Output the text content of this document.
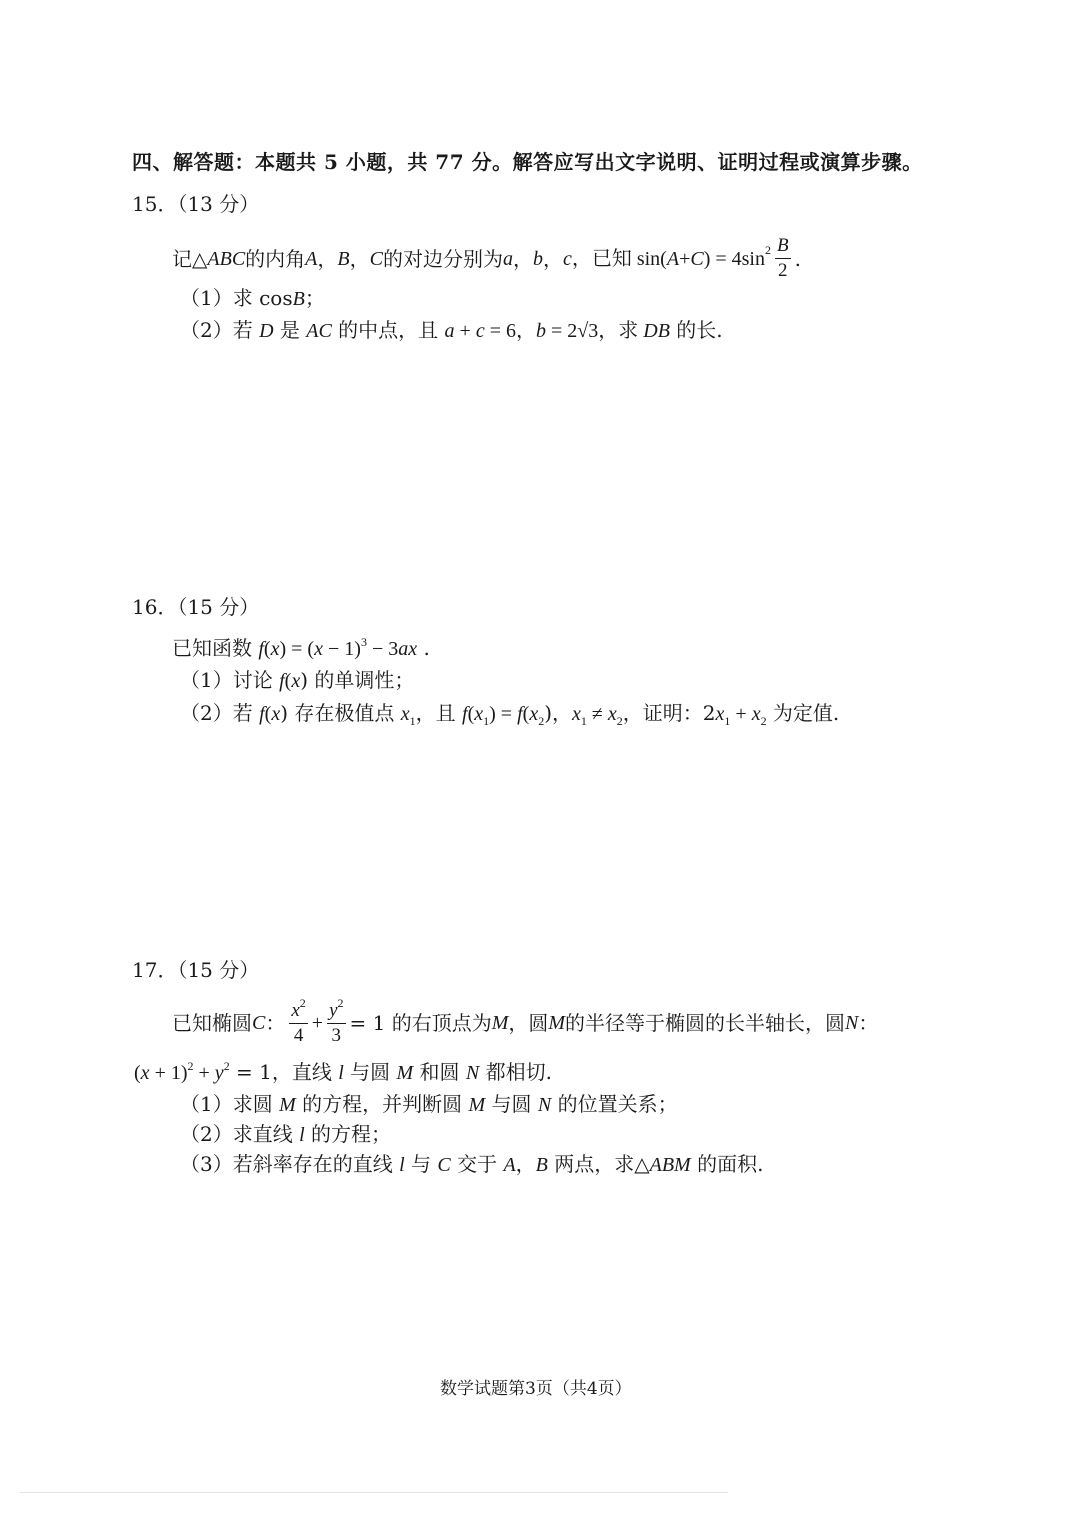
四、解答题：本题共 5 小题，共 77 分。解答应写出文字说明、证明过程或演算步骤。
15．（13 分）
记△ ABC 的内角 A ， B ， C 的对边分别为 a ， b ， c ，已知 sin( A + C ) = $4\sin^2 \frac{B}{2}$ .
（1）求 cosB；
（2）若 D 是 AC 的中点，且 a + c = 6，b = 2√3，求 DB 的长.
16．（15 分）
已知函数 $f(x) = (x - 1)^3 - 3ax$ .
（1）讨论 f(x) 的单调性；
（2）若 f(x) 存在极值点 $x_1$，且 $f(x_1) = f(x_2)$，$x_1 \ne x_2$，证明：$2x_1 + x_2$ 为定值.
17．（15 分）
已知椭圆 C ： $\frac{x^2}{4} + \frac{y^2}{3} = 1$ 的右顶点为 M ，圆 M 的半径等于椭圆的长半轴长，圆 N ：
$(x + 1)^2 + y^2 = 1$，直线 l 与圆 M 和圆 N 都相切.
（1）求圆 M 的方程，并判断圆 M 与圆 N 的位置关系；
（2）求直线 l 的方程；
（3）若斜率存在的直线 l 与 C 交于 A，B 两点，求△ABM 的面积.
数学试题第3页（共4页）
